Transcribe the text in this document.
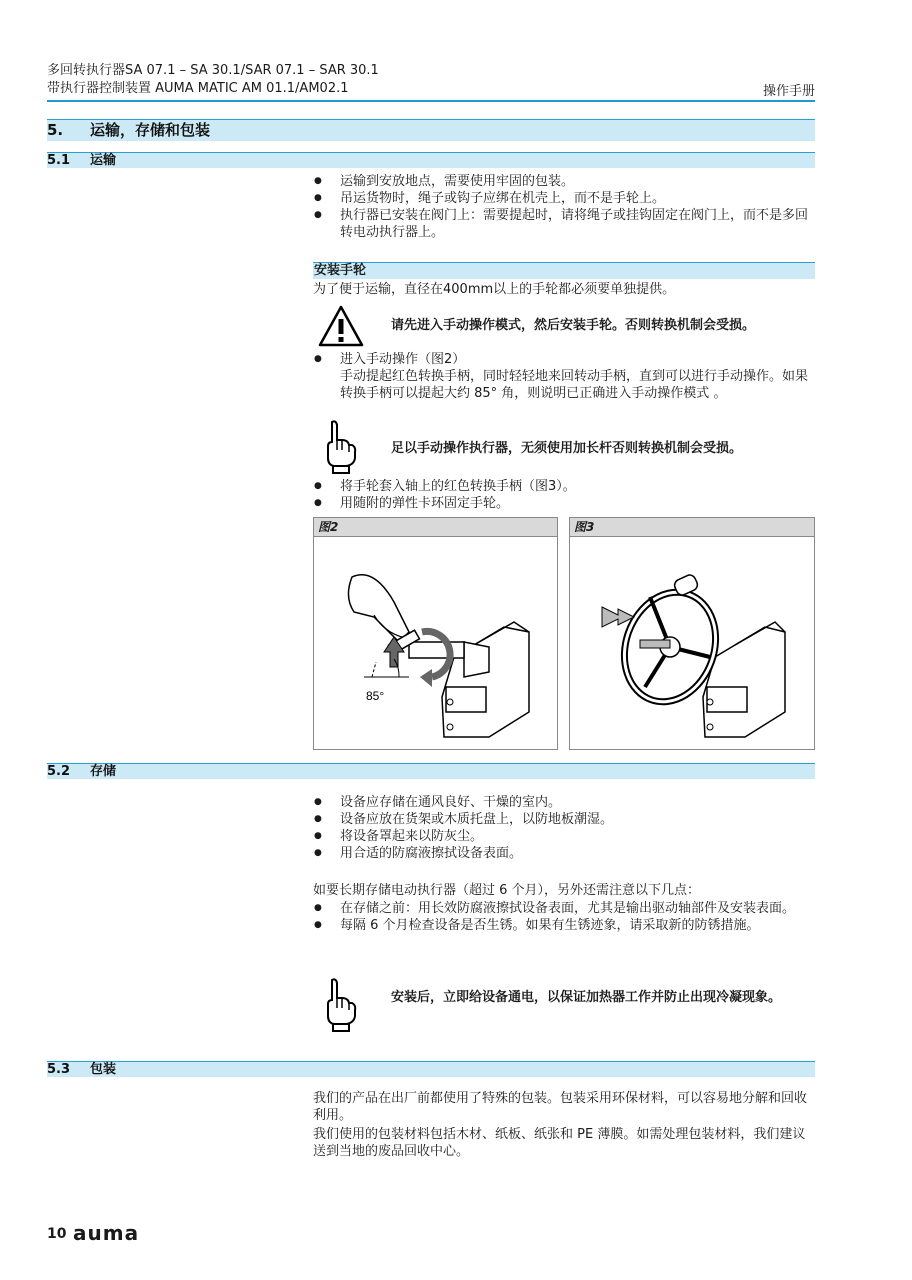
多回转执行器SA 07.1 – SA 30.1/SAR 07.1 – SAR 30.1
带执行器控制装置 AUMA MATIC AM 01.1/AM02.1	操作手册
5. 运输，存储和包装
5.1 运输
● 运输到安放地点，需要使用牢固的包装。
● 吊运货物时，绳子或钩子应绑在机壳上，而不是手轮上。
● 执行器已安装在阀门上：需要提起时，请将绳子或挂钩固定在阀门上，而不是多回转电动执行器上。
安装手轮
为了便于运输，直径在400mm以上的手轮都必须要单独提供。
请先进入手动操作模式，然后安装手轮。否则转换机制会受损。
● 进入手动操作（图2）
手动提起红色转换手柄，同时轻轻地来回转动手柄，直到可以进行手动操作。如果转换手柄可以提起大约 85° 角，则说明已正确进入手动操作模式 。
足以手动操作执行器，无须使用加长杆否则转换机制会受损。
● 将手轮套入轴上的红色转换手柄（图3）。
● 用随附的弹性卡环固定手轮。
图2
85°
图3
5.2 存储
● 设备应存储在通风良好、干燥的室内。
● 设备应放在货架或木质托盘上，以防地板潮湿。
● 将设备罩起来以防灰尘。
● 用合适的防腐液擦拭设备表面。
如要长期存储电动执行器（超过 6 个月），另外还需注意以下几点：
● 在存储之前：用长效防腐液擦拭设备表面，尤其是输出驱动轴部件及安装表面。
● 每隔 6 个月检查设备是否生锈。如果有生锈迹象，请采取新的防锈措施。
安装后，立即给设备通电，以保证加热器工作并防止出现冷凝现象。
5.3 包装
我们的产品在出厂前都使用了特殊的包装。包装采用环保材料，可以容易地分解和回收利用。
我们使用的包装材料包括木材、纸板、纸张和 PE 薄膜。如需处理包装材料，我们建议送到当地的废品回收中心。
10 auma
